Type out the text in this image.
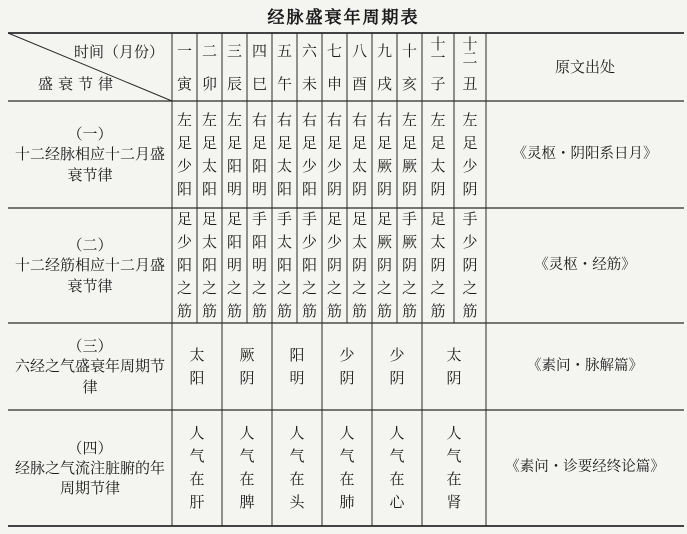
经脉盛衰年周期表
时间（月份）
盛衰节律
原文出处
一
寅
二
卯
三
辰
四
巳
五
午
六
未
七
申
八
酉
九
戌
十
亥
十
一
子
十
二
丑
（一）
十二经脉相应十二月盛衰节律
左
足
少
阳
左
足
太
阳
左
足
阳
明
右
足
阳
明
右
足
太
阳
右
足
少
阳
右
足
少
阴
右
足
太
阴
右
足
厥
阴
左
足
厥
阴
左
足
太
阴
左
足
少
阴
《灵枢・阴阳系日月》
（二）
十二经筋相应十二月盛衰节律
足
少
阳
之
筋
足
太
阳
之
筋
足
阳
明
之
筋
手
阳
明
之
筋
手
太
阳
之
筋
手
少
阳
之
筋
足
少
阴
之
筋
足
太
阴
之
筋
足
厥
阴
之
筋
手
厥
阴
之
筋
足
太
阴
之
筋
手
少
阴
之
筋
《灵枢・经筋》
（三）
六经之气盛衰年周期节律
太
阳
厥
阴
阳
明
少
阴
少
阴
太
阴
《素问・脉解篇》
（四）
经脉之气流注脏腑的年周期节律
人
气
在
肝
人
气
在
脾
人
气
在
头
人
气
在
肺
人
气
在
心
人
气
在
肾
《素问・诊要经终论篇》
